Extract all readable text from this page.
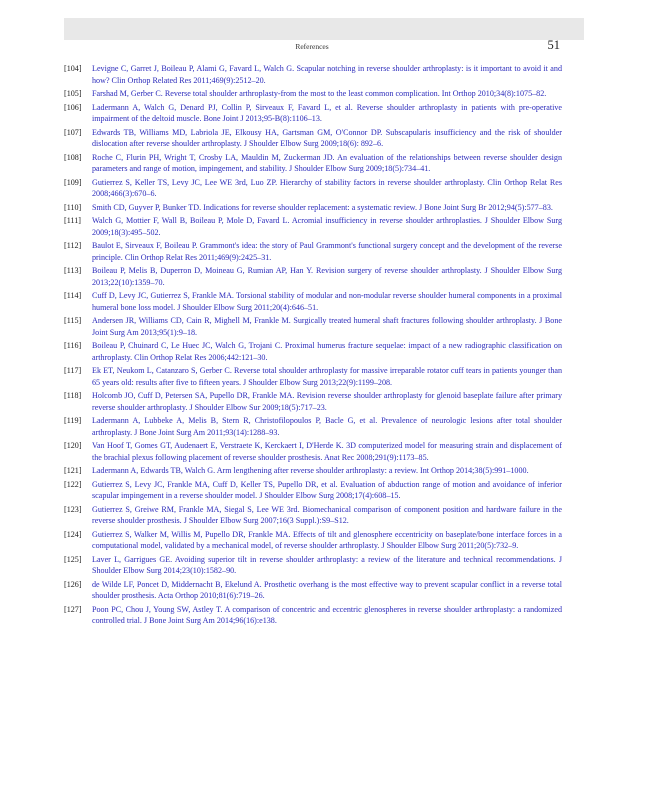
References	51
[104]	Levigne C, Garret J, Boileau P, Alami G, Favard L, Walch G. Scapular notching in reverse shoulder arthroplasty: is it important to avoid it and how? Clin Orthop Related Res 2011;469(9):2512–20.
[105]	Farshad M, Gerber C. Reverse total shoulder arthroplasty-from the most to the least common complication. Int Orthop 2010;34(8):1075–82.
[106]	Ladermann A, Walch G, Denard PJ, Collin P, Sirveaux F, Favard L, et al. Reverse shoulder arthroplasty in patients with pre-operative impairment of the deltoid muscle. Bone Joint J 2013;95-B(8):1106–13.
[107]	Edwards TB, Williams MD, Labriola JE, Elkousy HA, Gartsman GM, O'Connor DP. Subscapularis insufficiency and the risk of shoulder dislocation after reverse shoulder arthroplasty. J Shoulder Elbow Surg 2009;18(6): 892–6.
[108]	Roche C, Flurin PH, Wright T, Crosby LA, Mauldin M, Zuckerman JD. An evaluation of the relationships between reverse shoulder design parameters and range of motion, impingement, and stability. J Shoulder Elbow Surg 2009;18(5):734–41.
[109]	Gutierrez S, Keller TS, Levy JC, Lee WE 3rd, Luo ZP. Hierarchy of stability factors in reverse shoulder arthroplasty. Clin Orthop Relat Res 2008;466(3):670–6.
[110]	Smith CD, Guyver P, Bunker TD. Indications for reverse shoulder replacement: a systematic review. J Bone Joint Surg Br 2012;94(5):577–83.
[111]	Walch G, Mottier F, Wall B, Boileau P, Mole D, Favard L. Acromial insufficiency in reverse shoulder arthroplasties. J Shoulder Elbow Surg 2009;18(3):495–502.
[112]	Baulot E, Sirveaux F, Boileau P. Grammont's idea: the story of Paul Grammont's functional surgery concept and the development of the reverse principle. Clin Orthop Relat Res 2011;469(9):2425–31.
[113]	Boileau P, Melis B, Duperron D, Moineau G, Rumian AP, Han Y. Revision surgery of reverse shoulder arthroplasty. J Shoulder Elbow Surg 2013;22(10):1359–70.
[114]	Cuff D, Levy JC, Gutierrez S, Frankle MA. Torsional stability of modular and non-modular reverse shoulder humeral components in a proximal humeral bone loss model. J Shoulder Elbow Surg 2011;20(4):646–51.
[115]	Andersen JR, Williams CD, Cain R, Mighell M, Frankle M. Surgically treated humeral shaft fractures following shoulder arthroplasty. J Bone Joint Surg Am 2013;95(1):9–18.
[116]	Boileau P, Chuinard C, Le Huec JC, Walch G, Trojani C. Proximal humerus fracture sequelae: impact of a new radiographic classification on arthroplasty. Clin Orthop Relat Res 2006;442:121–30.
[117]	Ek ET, Neukom L, Catanzaro S, Gerber C. Reverse total shoulder arthroplasty for massive irreparable rotator cuff tears in patients younger than 65 years old: results after five to fifteen years. J Shoulder Elbow Surg 2013;22(9):1199–208.
[118]	Holcomb JO, Cuff D, Petersen SA, Pupello DR, Frankle MA. Revision reverse shoulder arthroplasty for glenoid baseplate failure after primary reverse shoulder arthroplasty. J Shoulder Elbow Sur 2009;18(5):717–23.
[119]	Ladermann A, Lubbeke A, Melis B, Stern R, Christofilopoulos P, Bacle G, et al. Prevalence of neurologic lesions after total shoulder arthroplasty. J Bone Joint Surg Am 2011;93(14):1288–93.
[120]	Van Hoof T, Gomes GT, Audenaert E, Verstraete K, Kerckaert I, D'Herde K. 3D computerized model for measuring strain and displacement of the brachial plexus following placement of reverse shoulder prosthesis. Anat Rec 2008;291(9):1173–85.
[121]	Ladermann A, Edwards TB, Walch G. Arm lengthening after reverse shoulder arthroplasty: a review. Int Orthop 2014;38(5):991–1000.
[122]	Gutierrez S, Levy JC, Frankle MA, Cuff D, Keller TS, Pupello DR, et al. Evaluation of abduction range of motion and avoidance of inferior scapular impingement in a reverse shoulder model. J Shoulder Elbow Surg 2008;17(4):608–15.
[123]	Gutierrez S, Greiwe RM, Frankle MA, Siegal S, Lee WE 3rd. Biomechanical comparison of component position and hardware failure in the reverse shoulder prosthesis. J Shoulder Elbow Surg 2007;16(3 Suppl.):S9–S12.
[124]	Gutierrez S, Walker M, Willis M, Pupello DR, Frankle MA. Effects of tilt and glenosphere eccentricity on baseplate/bone interface forces in a computational model, validated by a mechanical model, of reverse shoulder arthroplasty. J Shoulder Elbow Surg 2011;20(5):732–9.
[125]	Laver L, Garrigues GE. Avoiding superior tilt in reverse shoulder arthroplasty: a review of the literature and technical recommendations. J Shoulder Elbow Surg 2014;23(10):1582–90.
[126]	de Wilde LF, Poncet D, Middernacht B, Ekelund A. Prosthetic overhang is the most effective way to prevent scapular conflict in a reverse total shoulder prosthesis. Acta Orthop 2010;81(6):719–26.
[127]	Poon PC, Chou J, Young SW, Astley T. A comparison of concentric and eccentric glenospheres in reverse shoulder arthroplasty: a randomized controlled trial. J Bone Joint Surg Am 2014;96(16):e138.
